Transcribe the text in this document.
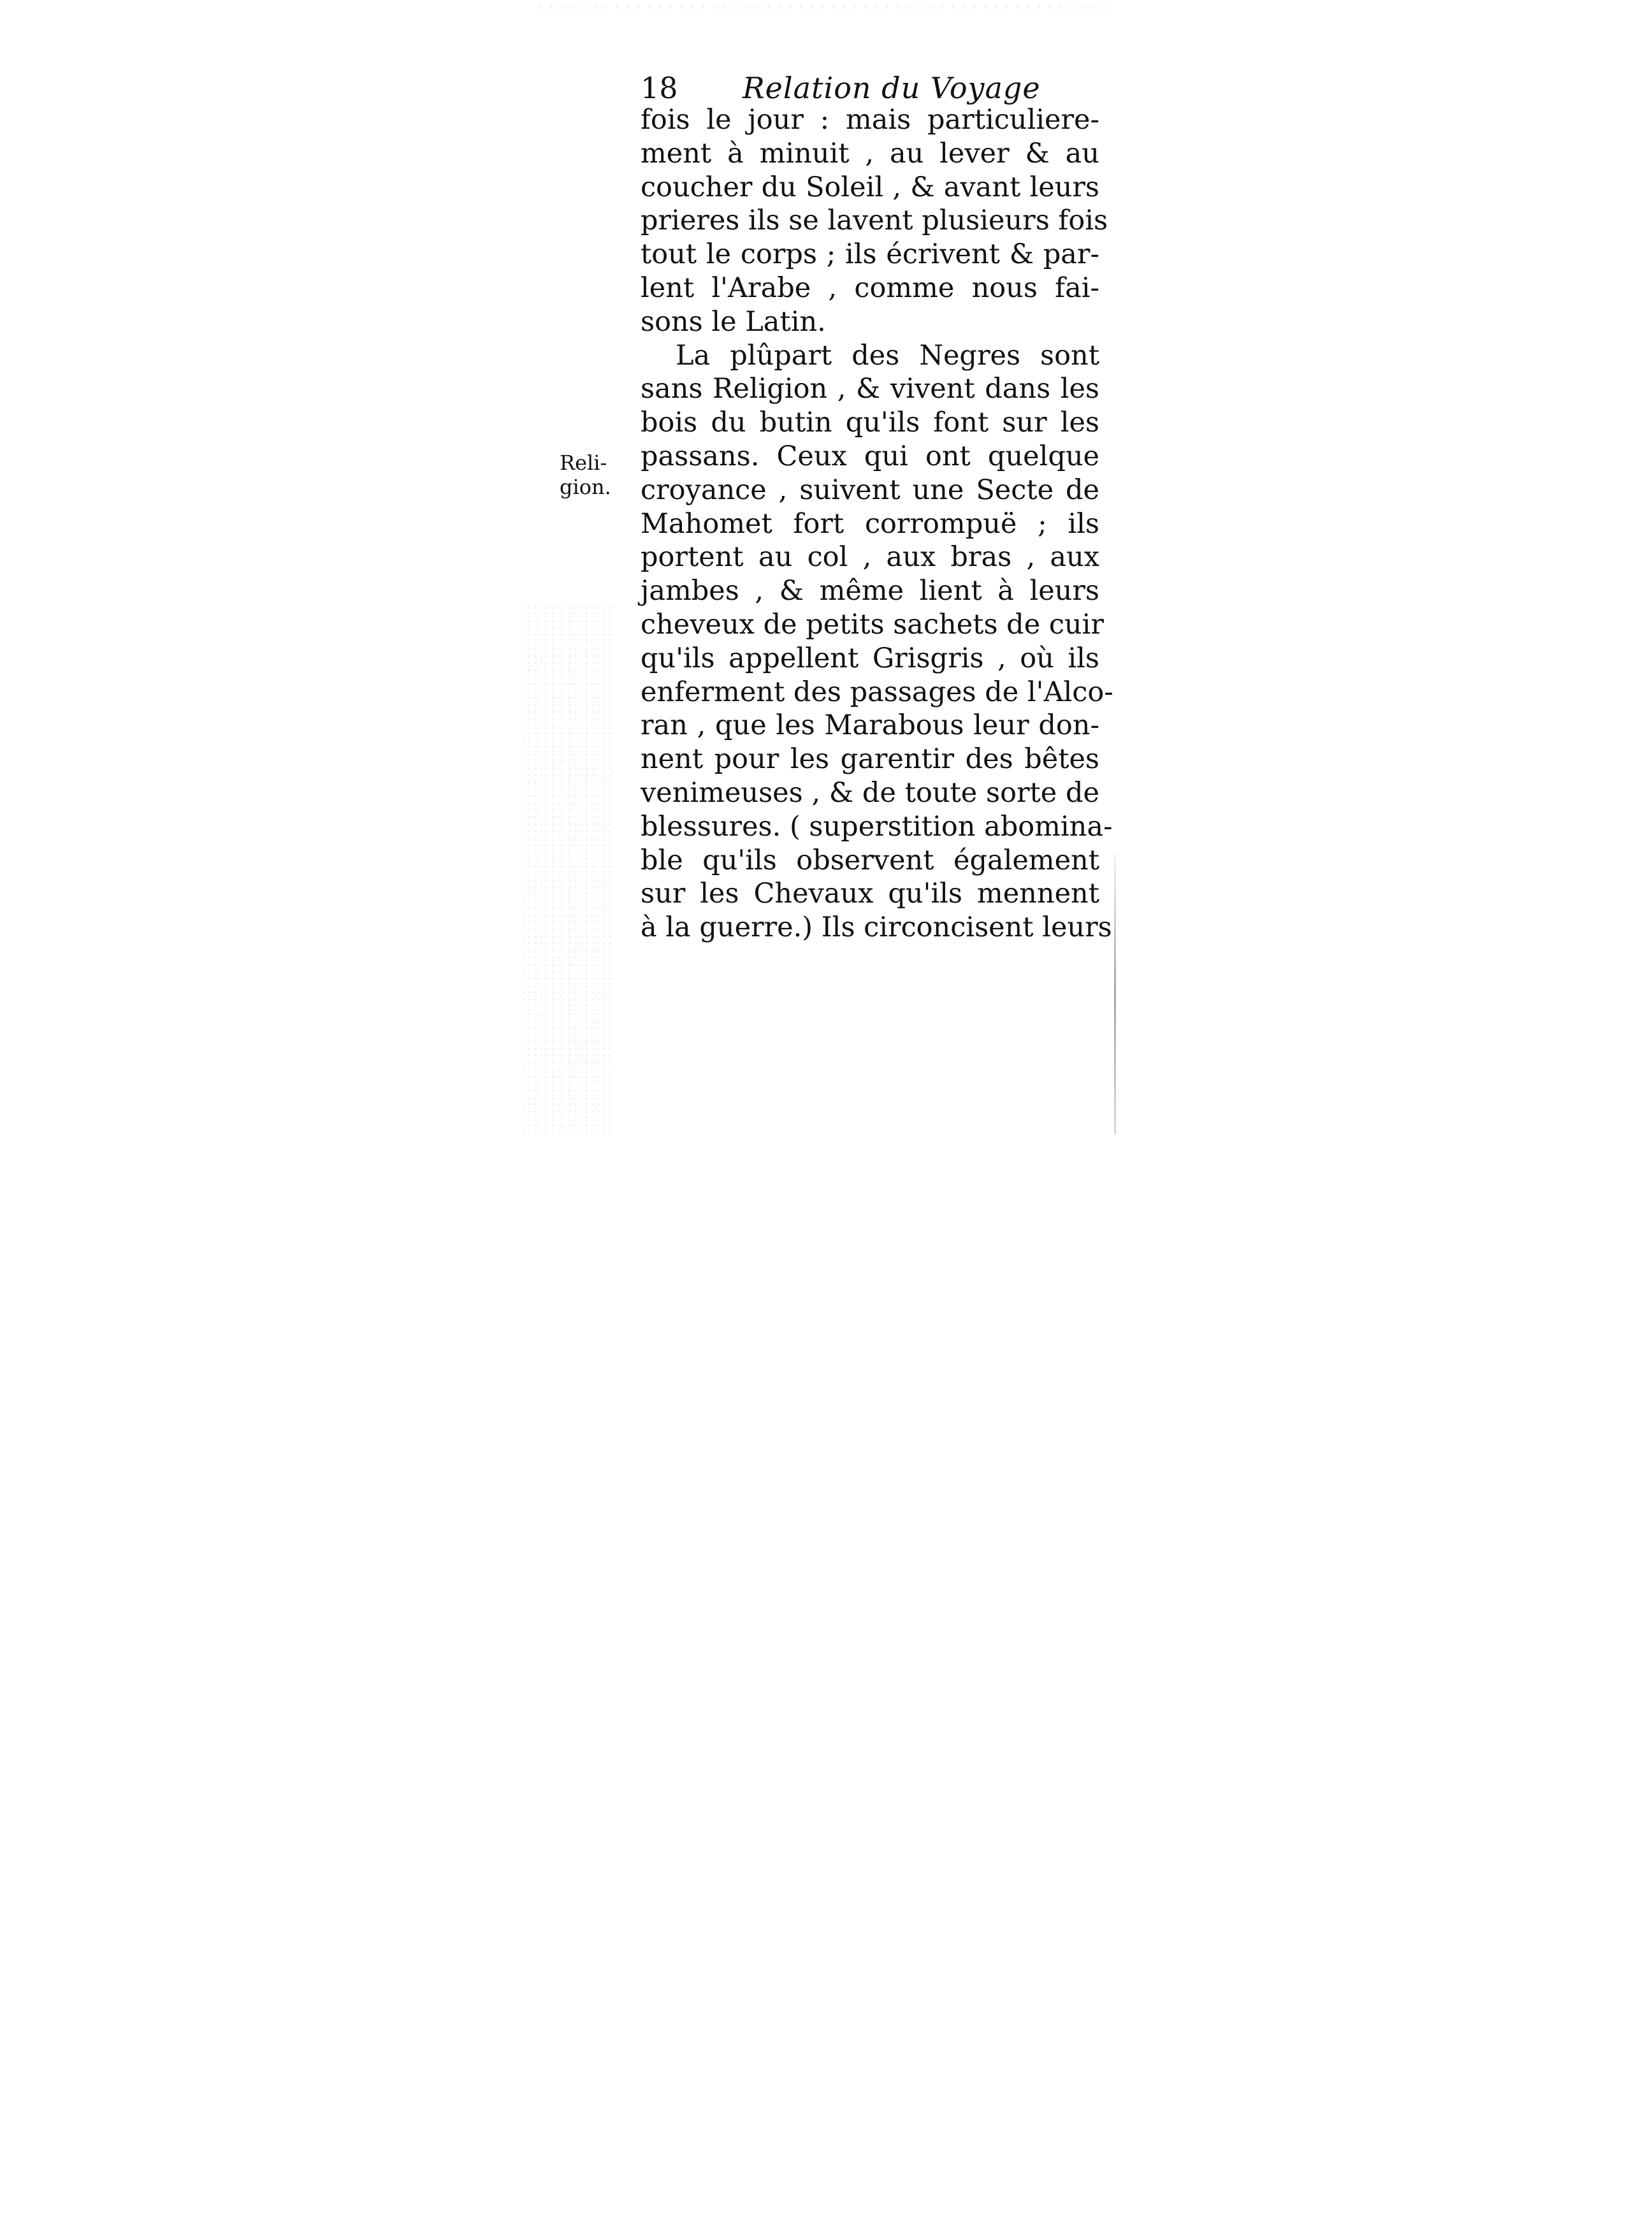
18 Relation du Voyage
Reli-
gion.
fois le jour : mais particuliere-
ment à minuit , au lever & au
coucher du Soleil , & avant leurs
prieres ils se lavent plusieurs fois
tout le corps ; ils écrivent & par-
lent l'Arabe , comme nous fai-
sons le Latin.
La plûpart des Negres sont
sans Religion , & vivent dans les
bois du butin qu'ils font sur les
passans. Ceux qui ont quelque
croyance , suivent une Secte de
Mahomet fort corrompuë ; ils
portent au col , aux bras , aux
jambes , & même lient à leurs
cheveux de petits sachets de cuir
qu'ils appellent Grisgris , où ils
enferment des passages de l'Alco-
ran , que les Marabous leur don-
nent pour les garentir des bêtes
venimeuses , & de toute sorte de
blessures. ( superstition abomina-
ble qu'ils observent également
sur les Chevaux qu'ils mennent
à la guerre.) Ils circoncisent leurs
